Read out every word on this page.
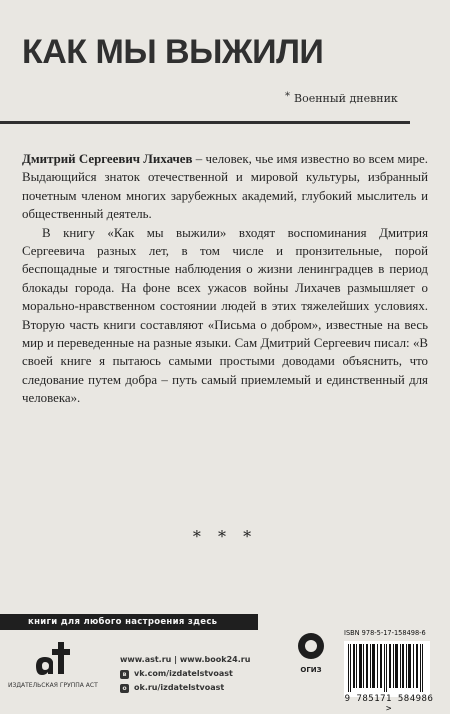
КАК МЫ ВЫЖИЛИ
* Военный дневник

Дмитрий Сергеевич Лихачев – человек, чье имя известно во всем мире. Выдающийся знаток отечественной и мировой культуры, избранный почетным членом многих зарубежных академий, глубокий мыслитель и общественный деятель.

В книгу «Как мы выжили» входят воспоминания Дмитрия Сергеевича разных лет, в том числе и пронзительные, порой беспощадные и тягостные наблюдения о жизни ленинградцев в период блокады города. На фоне всех ужасов войны Лихачев размышляет о морально-нравственном состоянии людей в этих тяжелейших условиях. Вторую часть книги составляют «Письма о добром», известные на весь мир и переведенные на разные языки. Сам Дмитрий Сергеевич писал: «В своей книге я пытаюсь самыми простыми доводами объяснить, что следование путем добра – путь самый приемлемый и единственный для человека».

* * *
книги для любого настроения здесь
ИЗДАТЕЛЬСКАЯ ГРУППА АСТ
www.ast.ru | www.book24.ru
в vk.com/izdatelstvoast
о ok.ru/izdatelstvoast
ОГИЗ
ISBN 978-5-17-158498-6
9 785171 584986 >
